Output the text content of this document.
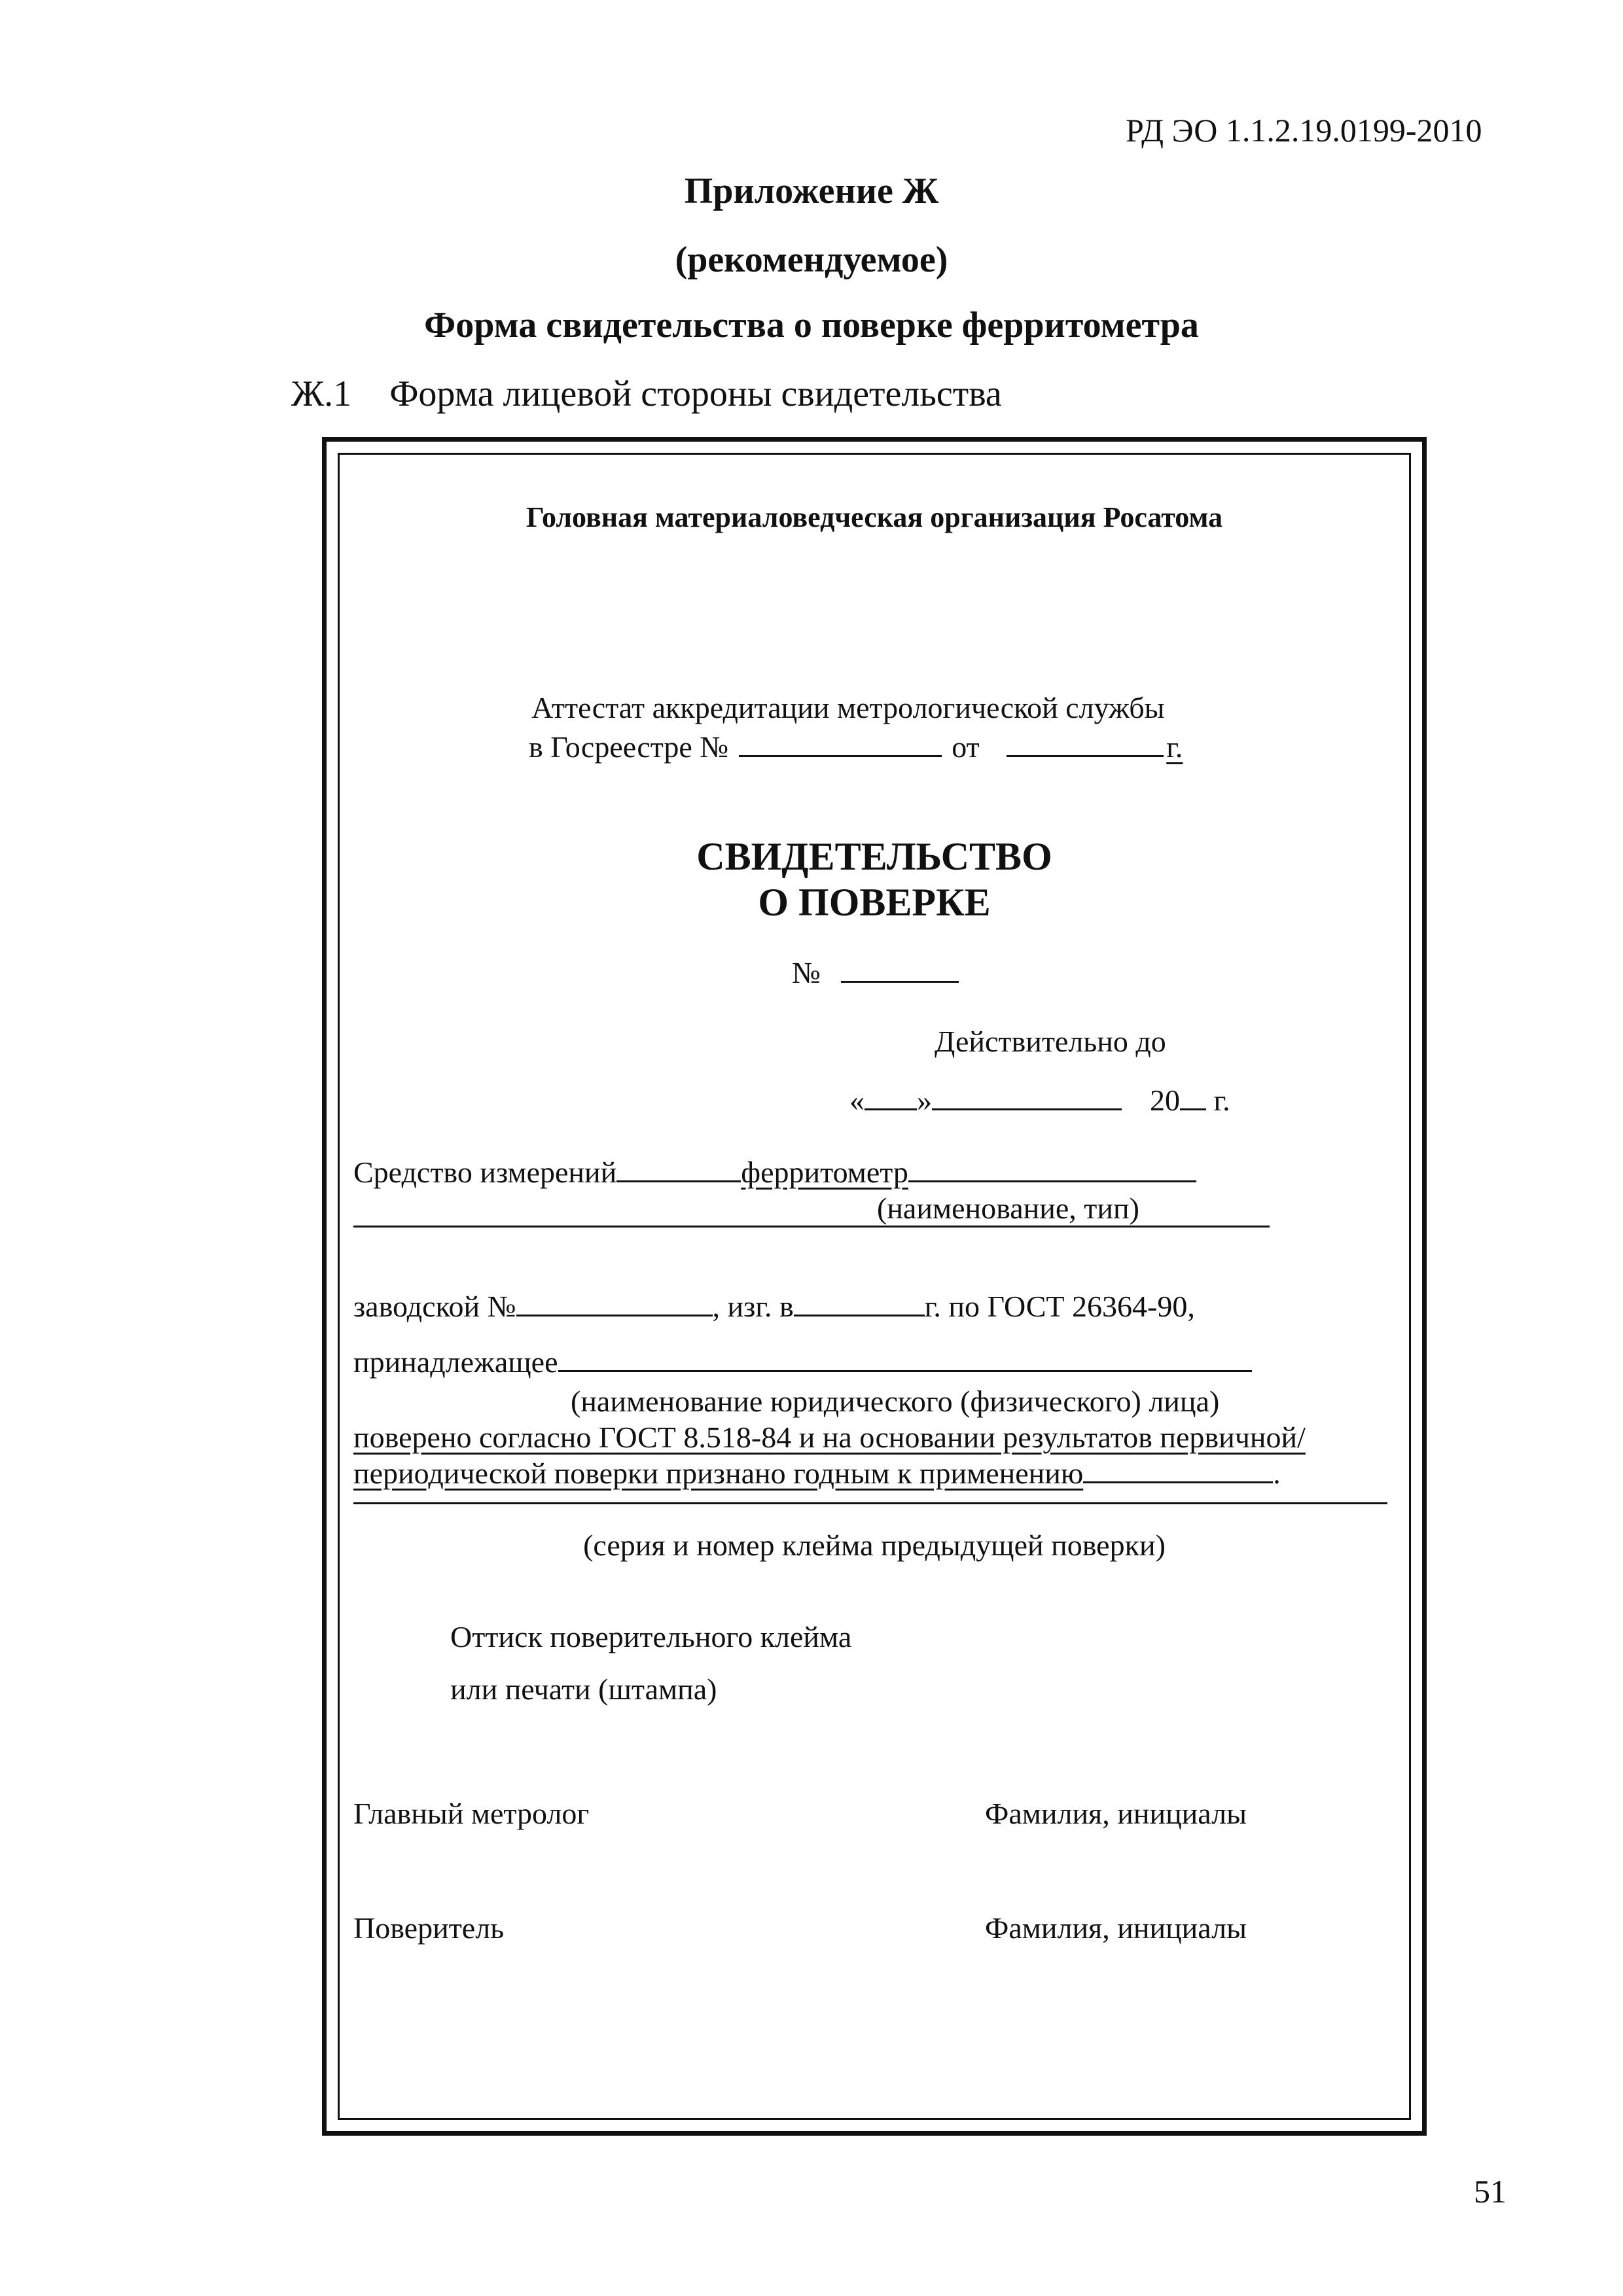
РД ЭО 1.1.2.19.0199-2010
Приложение Ж
(рекомендуемое)
Форма свидетельства о поверке ферритометра
Ж.1 Форма лицевой стороны свидетельства
Головная материаловедческая организация Росатома
Аттестат аккредитации метрологической службы
в Госреестре №	от	г.
СВИДЕТЕЛЬСТВО
О ПОВЕРКЕ
№
Действительно до
« »	20 г.
Средство измерений	ферритометр
(наименование, тип)
заводской №	, изг. в	г. по ГОСТ 26364-90,
принадлежащее
(наименование юридического (физического) лица)
поверено согласно ГОСТ 8.518-84 и на основании результатов первичной/
периодической поверки признано годным к применению	.
(серия и номер клейма предыдущей поверки)
Оттиск поверительного клейма
или печати (штампа)
Главный метролог	Фамилия, инициалы
Поверитель	Фамилия, инициалы
51
